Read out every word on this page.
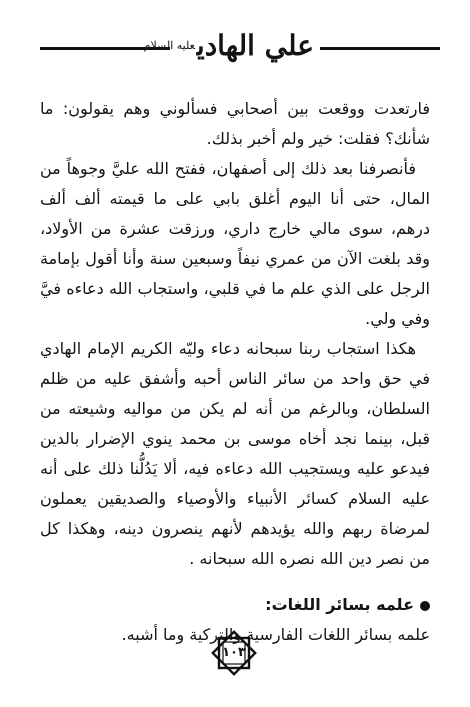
علي الهادي$^{عليه السلام}$

فارتعدت ووقعت بين أصحابي فسألوني وهم يقولون: ما شأنك؟ فقلت: خير ولم أخبر بذلك.

فأنصرفنا بعد ذلك إلى أصفهان، ففتح الله عليَّ وجوهاً من المال، حتى أنا اليوم أغلق بابي على ما قيمته ألف ألف درهم، سوى مالي خارج داري، ورزقت عشرة من الأولاد، وقد بلغت الآن من عمري نيفاً وسبعين سنة وأنا أقول بإمامة الرجل على الذي علم ما في قلبي، واستجاب الله دعاءه فيَّ وفي ولي.

هكذا استجاب ربنا سبحانه دعاء وليّه الكريم الإمام الهادي في حق واحد من سائر الناس أحبه وأشفق عليه من ظلم السلطان، وبالرغم من أنه لم يكن من مواليه وشيعته من قبل، بينما نجد أخاه موسى بن محمد ينوي الإضرار بالدين فيدعو عليه ويستجيب الله دعاءه فيه، ألا يَدُلُّنا ذلك على أنه عليه السلام كسائر الأنبياء والأوصياء والصديقين يعملون لمرضاة ربهم والله يؤيدهم لأنهم ينصرون دينه، وهكذا كل من نصر دين الله نصره الله سبحانه .

علمه بسائر اللغات:

علمه بسائر اللغات الفارسية والتركية وما أشبه.

١٠٣
